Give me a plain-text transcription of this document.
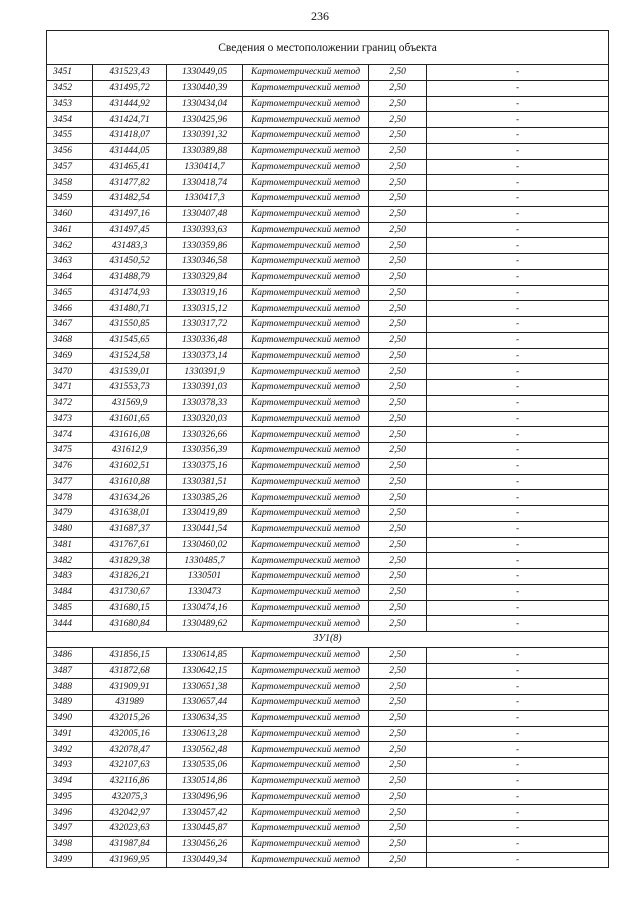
236
Сведения о местоположении границ объекта					
3451	431523,43	1330449,05	Картометрический метод	2,50	-
3452	431495,72	1330440,39	Картометрический метод	2,50	-
3453	431444,92	1330434,04	Картометрический метод	2,50	-
3454	431424,71	1330425,96	Картометрический метод	2,50	-
3455	431418,07	1330391,32	Картометрический метод	2,50	-
3456	431444,05	1330389,88	Картометрический метод	2,50	-
3457	431465,41	1330414,7	Картометрический метод	2,50	-
3458	431477,82	1330418,74	Картометрический метод	2,50	-
3459	431482,54	1330417,3	Картометрический метод	2,50	-
3460	431497,16	1330407,48	Картометрический метод	2,50	-
3461	431497,45	1330393,63	Картометрический метод	2,50	-
3462	431483,3	1330359,86	Картометрический метод	2,50	-
3463	431450,52	1330346,58	Картометрический метод	2,50	-
3464	431488,79	1330329,84	Картометрический метод	2,50	-
3465	431474,93	1330319,16	Картометрический метод	2,50	-
3466	431480,71	1330315,12	Картометрический метод	2,50	-
3467	431550,85	1330317,72	Картометрический метод	2,50	-
3468	431545,65	1330336,48	Картометрический метод	2,50	-
3469	431524,58	1330373,14	Картометрический метод	2,50	-
3470	431539,01	1330391,9	Картометрический метод	2,50	-
3471	431553,73	1330391,03	Картометрический метод	2,50	-
3472	431569,9	1330378,33	Картометрический метод	2,50	-
3473	431601,65	1330320,03	Картометрический метод	2,50	-
3474	431616,08	1330326,66	Картометрический метод	2,50	-
3475	431612,9	1330356,39	Картометрический метод	2,50	-
3476	431602,51	1330375,16	Картометрический метод	2,50	-
3477	431610,88	1330381,51	Картометрический метод	2,50	-
3478	431634,26	1330385,26	Картометрический метод	2,50	-
3479	431638,01	1330419,89	Картометрический метод	2,50	-
3480	431687,37	1330441,54	Картометрический метод	2,50	-
3481	431767,61	1330460,02	Картометрический метод	2,50	-
3482	431829,38	1330485,7	Картометрический метод	2,50	-
3483	431826,21	1330501	Картометрический метод	2,50	-
3484	431730,67	1330473	Картометрический метод	2,50	-
3485	431680,15	1330474,16	Картометрический метод	2,50	-
3444	431680,84	1330489,62	Картометрический метод	2,50	-
ЗУ1(8)					
3486	431856,15	1330614,85	Картометрический метод	2,50	-
3487	431872,68	1330642,15	Картометрический метод	2,50	-
3488	431909,91	1330651,38	Картометрический метод	2,50	-
3489	431989	1330657,44	Картометрический метод	2,50	-
3490	432015,26	1330634,35	Картометрический метод	2,50	-
3491	432005,16	1330613,28	Картометрический метод	2,50	-
3492	432078,47	1330562,48	Картометрический метод	2,50	-
3493	432107,63	1330535,06	Картометрический метод	2,50	-
3494	432116,86	1330514,86	Картометрический метод	2,50	-
3495	432075,3	1330496,96	Картометрический метод	2,50	-
3496	432042,97	1330457,42	Картометрический метод	2,50	-
3497	432023,63	1330445,87	Картометрический метод	2,50	-
3498	431987,84	1330456,26	Картометрический метод	2,50	-
3499	431969,95	1330449,34	Картометрический метод	2,50	-
